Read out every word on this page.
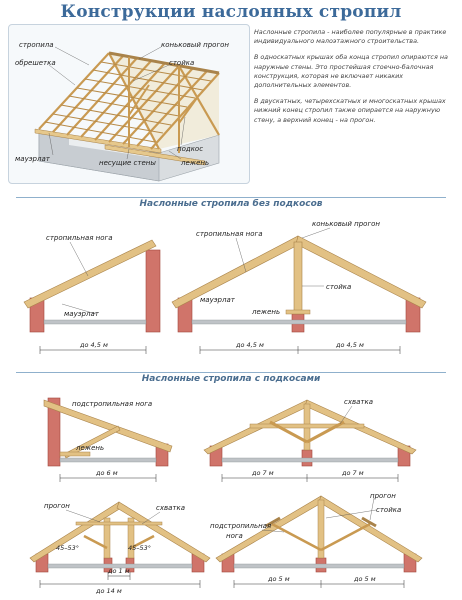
Конструкции наслонных стропил
стропила
обрешетка
коньковый прогон
стойка
подкос
мауэрлат	несущие стены	лежень

Наслонные стропила - наиболее популярные в практике индивидуального малоэтажного строительства.

В односкатных крышах оба конца стропил опираются на наружные стены. Это простейшая стоечно-балочная конструкция, которая не включает никаких дополнительных элементов.

В двускатных, четырехскатных и многоскатных крышах нижний конец стропил также опирается на наружную стену, а верхний конец - на прогон.

Наслонные стропила без подкосов
стропильная нога
мауэрлат
до 4,5 м
стропильная нога
коньковый прогон
стойка
мауэрлат
лежень
до 4,5 м	до 4,5 м
Наслонные стропила с подкосами
подстропильная нога
лежень
до 6 м
схватка
до 7 м	до 7 м
прогон	схватка
45–53°	45–53°
до 1 м
до 14 м
прогон
стойка
подстропильная
нога
до 5 м	до 5 м
